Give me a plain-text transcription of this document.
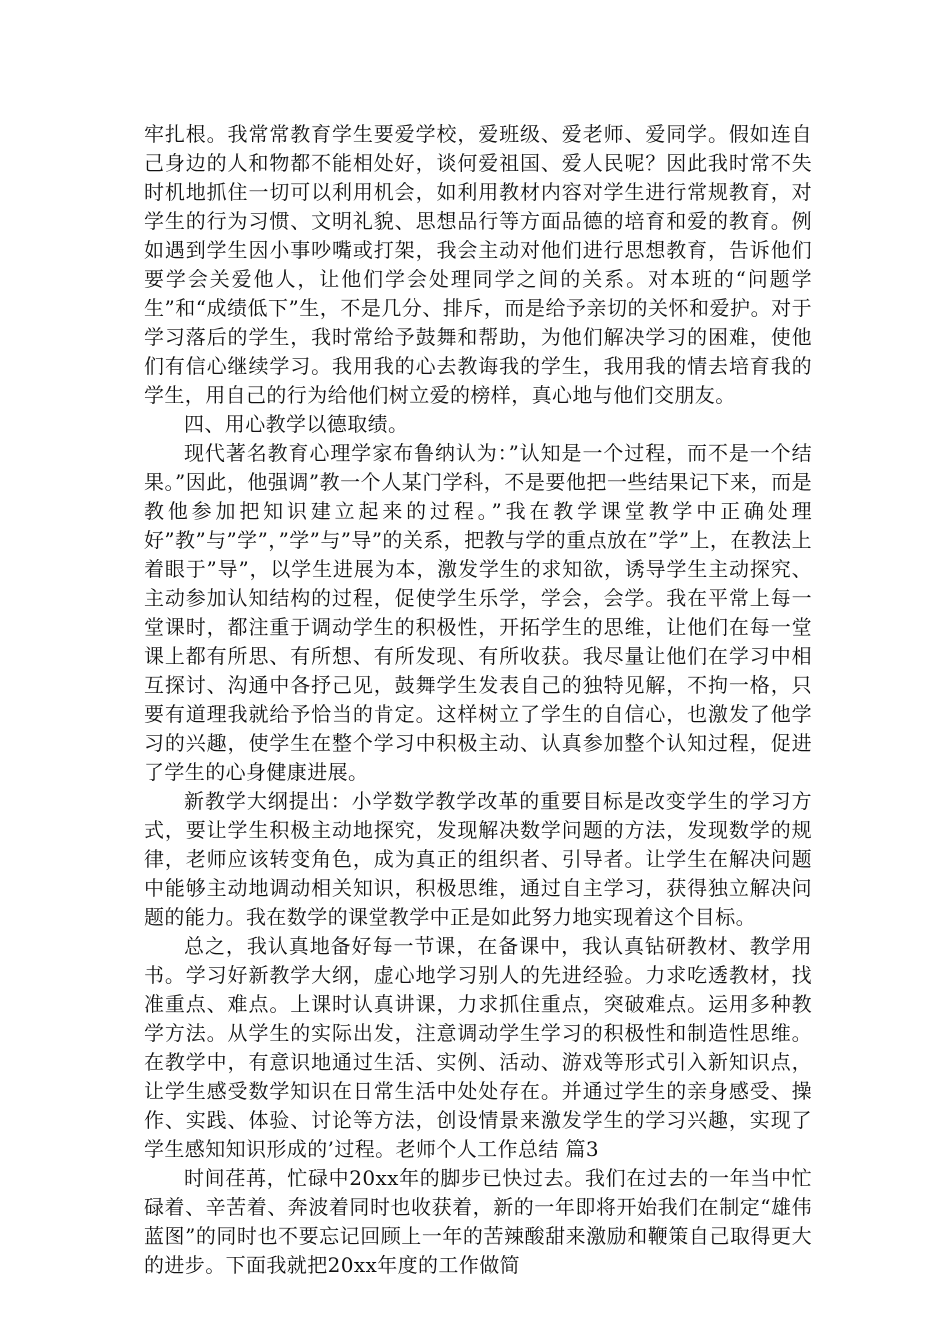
牢扎根。我常常教育学生要爱学校，爱班级、爱老师、爱同学。假如连自己身边的人和物都不能相处好，谈何爱祖国、爱人民呢？因此我时常不失时机地抓住一切可以利用机会，如利用教材内容对学生进行常规教育，对学生的行为习惯、文明礼貌、思想品行等方面品德的培育和爱的教育。例如遇到学生因小事吵嘴或打架，我会主动对他们进行思想教育，告诉他们要学会关爱他人，让他们学会处理同学之间的关系。对本班的“问题学生”和“成绩低下”生，不是几分、排斥，而是给予亲切的关怀和爱护。对于学习落后的学生，我时常给予鼓舞和帮助，为他们解决学习的困难，使他们有信心继续学习。我用我的心去教诲我的学生，我用我的情去培育我的学生，用自己的行为给他们树立爱的榜样，真心地与他们交朋友。

四、用心教学以德取绩。

现代著名教育心理学家布鲁纳认为：”认知是一个过程，而不是一个结果。”因此，他强调”教一个人某门学科，不是要他把一些结果记下来，而是教他参加把知识建立起来的过程。”我在教学课堂教学中正确处理好”教”与”学”，”学”与”导”的关系，把教与学的重点放在”学”上，在教法上着眼于”导”，以学生进展为本，激发学生的求知欲，诱导学生主动探究、主动参加认知结构的过程，促使学生乐学，学会，会学。我在平常上每一堂课时，都注重于调动学生的积极性，开拓学生的思维，让他们在每一堂课上都有所思、有所想、有所发现、有所收获。我尽量让他们在学习中相互探讨、沟通中各抒己见，鼓舞学生发表自己的独特见解，不拘一格，只要有道理我就给予恰当的肯定。这样树立了学生的自信心，也激发了他学习的兴趣，使学生在整个学习中积极主动、认真参加整个认知过程，促进了学生的心身健康进展。

新教学大纲提出：小学数学教学改革的重要目标是改变学生的学习方式，要让学生积极主动地探究，发现解决数学问题的方法，发现数学的规律，老师应该转变角色，成为真正的组织者、引导者。让学生在解决问题中能够主动地调动相关知识，积极思维，通过自主学习，获得独立解决问题的能力。我在数学的课堂教学中正是如此努力地实现着这个目标。

总之，我认真地备好每一节课，在备课中，我认真钻研教材、教学用书。学习好新教学大纲，虚心地学习别人的先进经验。力求吃透教材，找准重点、难点。上课时认真讲课，力求抓住重点，突破难点。运用多种教学方法。从学生的实际出发，注意调动学生学习的积极性和制造性思维。在教学中，有意识地通过生活、实例、活动、游戏等形式引入新知识点，让学生感受数学知识在日常生活中处处存在。并通过学生的亲身感受、操作、实践、体验、讨论等方法，创设情景来激发学生的学习兴趣，实现了学生感知知识形成的’过程。老师个人工作总结 篇3

时间荏苒，忙碌中20xx年的脚步已快过去。我们在过去的一年当中忙碌着、辛苦着、奔波着同时也收获着，新的一年即将开始我们在制定“雄伟蓝图”的同时也不要忘记回顾上一年的苦辣酸甜来激励和鞭策自己取得更大的进步。下面我就把20xx年度的工作做简
